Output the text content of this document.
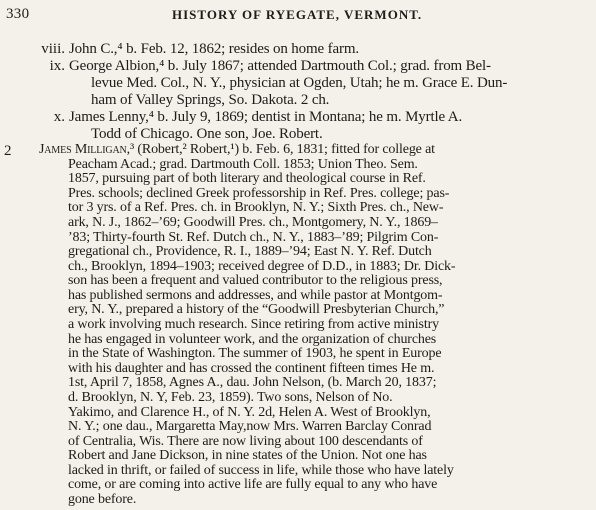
330	HISTORY OF RYEGATE, VERMONT.
viii. John C.,⁴ b. Feb. 12, 1862; resides on home farm.
ix. George Albion,⁴ b. July 1867; attended Dartmouth Col.; grad. from Bel-
levue Med. Col., N. Y., physician at Ogden, Utah; he m. Grace E. Dun-
ham of Valley Springs, So. Dakota. 2 ch.
x. James Lenny,⁴ b. July 9, 1869; dentist in Montana; he m. Myrtle A.
Todd of Chicago. One son, Joe. Robert.
2	James Milligan,³ (Robert,² Robert,¹) b. Feb. 6, 1831; fitted for college at
Peacham Acad.; grad. Dartmouth Coll. 1853; Union Theo. Sem.
1857, pursuing part of both literary and theological course in Ref.
Pres. schools; declined Greek professorship in Ref. Pres. college; pas-
tor 3 yrs. of a Ref. Pres. ch. in Brooklyn, N. Y.; Sixth Pres. ch., New-
ark, N. J., 1862–’69; Goodwill Pres. ch., Montgomery, N. Y., 1869–
’83; Thirty-fourth St. Ref. Dutch ch., N. Y., 1883–’89; Pilgrim Con-
gregational ch., Providence, R. I., 1889–’94; East N. Y. Ref. Dutch
ch., Brooklyn, 1894–1903; received degree of D.D., in 1883; Dr. Dick-
son has been a frequent and valued contributor to the religious press,
has published sermons and addresses, and while pastor at Montgom-
ery, N. Y., prepared a history of the “Goodwill Presbyterian Church,”
a work involving much research. Since retiring from active ministry
he has engaged in volunteer work, and the organization of churches
in the State of Washington. The summer of 1903, he spent in Europe
with his daughter and has crossed the continent fifteen times He m.
1st, April 7, 1858, Agnes A., dau. John Nelson, (b. March 20, 1837;
d. Brooklyn, N. Y, Feb. 23, 1859). Two sons, Nelson of No.
Yakimo, and Clarence H., of N. Y. 2d, Helen A. West of Brooklyn,
N. Y.; one dau., Margaretta May,now Mrs. Warren Barclay Conrad
of Centralia, Wis. There are now living about 100 descendants of
Robert and Jane Dickson, in nine states of the Union. Not one has
lacked in thrift, or failed of success in life, while those who have lately
come, or are coming into active life are fully equal to any who have
gone before.
